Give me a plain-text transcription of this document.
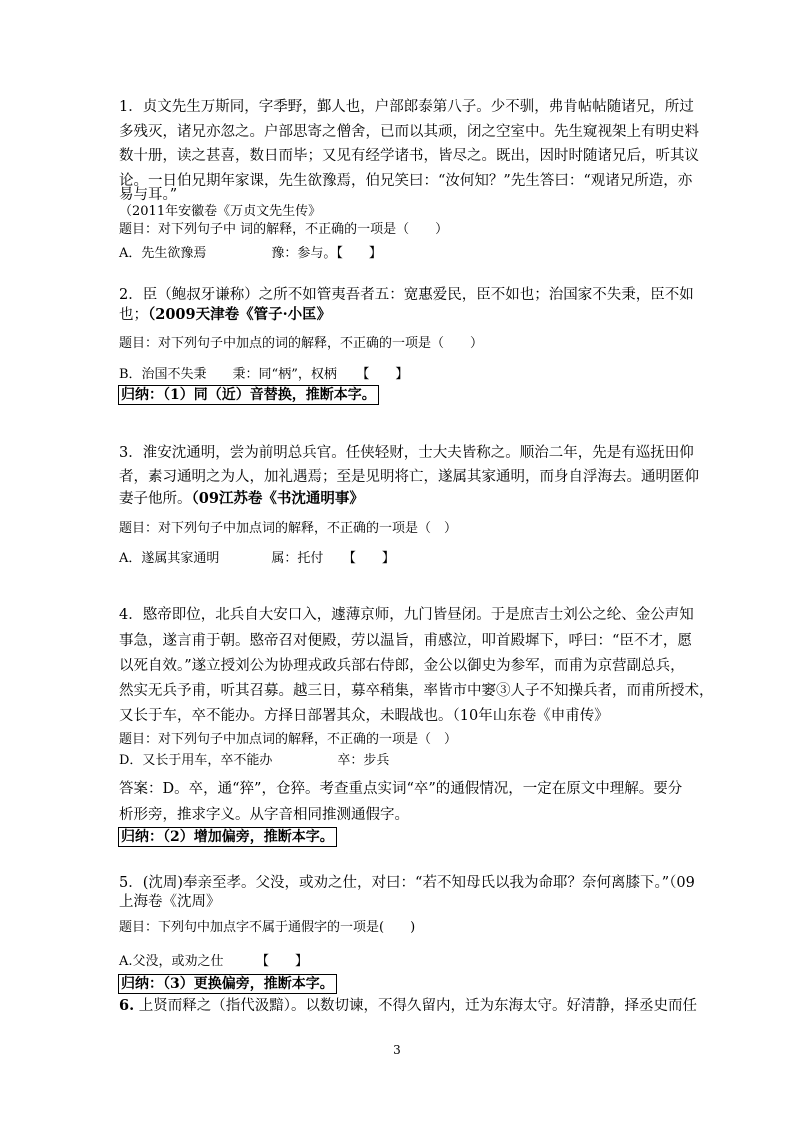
1．贞文先生万斯同，字季野，鄞人也，户部郎泰第八子。少不驯，弗肯帖帖随诸兄，所过
多残灭，诸兄亦忽之。户部思寄之僧舍，已而以其顽，闭之空室中。先生窥视架上有明史料
数十册，读之甚喜，数日而毕；又见有经学诸书，皆尽之。既出，因时时随诸兄后，听其议
论。一日伯兄期年家课，先生欲豫焉，伯兄笑曰：“汝何知？”先生答曰：“观诸兄所造，亦
易与耳。”
（2011年安徽卷《万贞文先生传》
题目：对下列句子中 词的解释，不正确的一项是（　　）
A．先生欲豫焉　　　　　豫：参与。【　　】
2．臣（鲍叔牙谦称）之所不如管夷吾者五：宽惠爱民，臣不如也；治国家不失秉，臣不如
也；（2009天津卷《管子·小匡》
题目：对下列句子中加点的词的解释，不正确的一项是（　　）
B．治国不失秉　　秉：同“柄”，权柄　　【　　】
归纳：（1）同（近）音替换，推断本字。
3．淮安沈通明，尝为前明总兵官。任侠轻财，士大夫皆称之。顺治二年，先是有巡抚田仰
者，素习通明之为人，加礼遇焉；至是见明将亡，遂属其家通明，而身自浮海去。通明匿仰
妻子他所。（09江苏卷《书沈通明事》
题目：对下列句子中加点词的解释，不正确的一项是（　）
A．遂属其家通明　　　　属：托付　　【　　】
4．愍帝即位，北兵自大安口入，遽薄京师，九门皆昼闭。于是庶吉士刘公之纶、金公声知
事急，遂言甫于朝。愍帝召对便殿，劳以温旨，甫感泣，叩首殿墀下，呼曰：“臣不才，愿
以死自效。”遂立授刘公为协理戎政兵部右侍郎，金公以御史为参军，而甫为京营副总兵，
然实无兵予甫，听其召募。越三日，募卒稍集，率皆市中窭③人子不知操兵者，而甫所授术，
又长于车，卒不能办。方择日部署其众，未暇战也。（10年山东卷《申甫传》
题目：对下列句子中加点词的解释，不正确的一项是（　）
D．又长于用车，卒不能办　　　　　卒：步兵
答案：D。卒，通“猝”，仓猝。考查重点实词“卒”的通假情况，一定在原文中理解。要分
析形旁，推求字义。从字音相同推测通假字。
归纳：（2）增加偏旁，推断本字。
5．(沈周)奉亲至孝。父没，或劝之仕，对曰：“若不知母氏以我为命耶？奈何离膝下。”（09
上海卷《沈周》
题目：下列句中加点字不属于通假字的一项是(　　)
A.父没，或劝之仕　　　【　　】
归纳：（3）更换偏旁，推断本字。
6. 上贤而释之（指代汲黯）。以数切谏，不得久留内，迁为东海太守。好清静，择丞史而任
3
